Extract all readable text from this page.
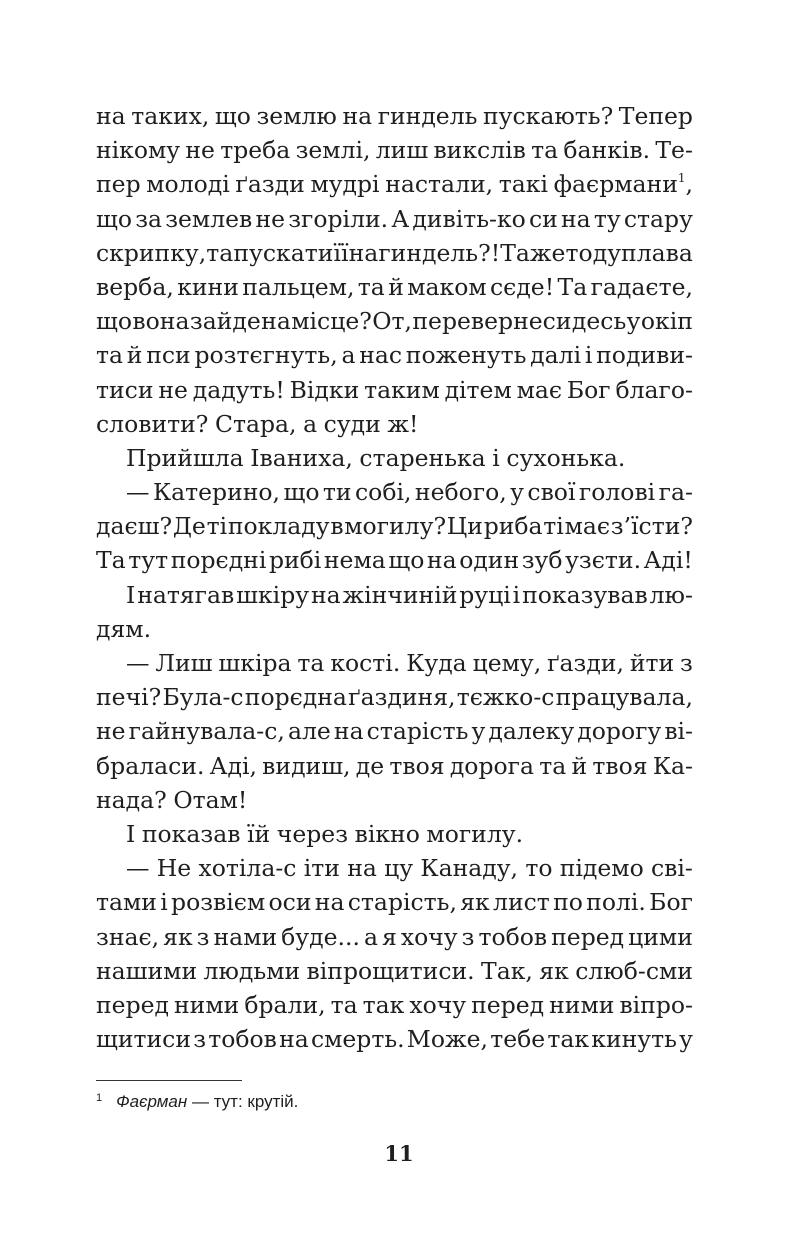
на таких, що землю на гиндель пускають? Тепер
нікому не треба землі, лиш викслів та банків. Те-
пер молоді ґазди мудрі настали, такі фаєрмани$^1$,
що за землев не згоріли. А дивіть-ко си на ту стару
скрипку, та пускати її на гиндель?! Таже то дуплава
верба, кини пальцем, та й маком сєде! Та гадаєте,
що вона зайде на місце? От, перевернеси десь у окіп
та й пси розтєгнуть, а нас поженуть далі і подиви-
тиси не дадуть! Відки таким дітем має Бог благо-
словити? Стара, а суди ж!
Прийшла Іваниха, старенька і сухонька.
— Катерино, що ти собі, небого, у свої голові га-
даєш? Де ті покладу в могилу? Ци риба ті має з’їсти?
Та тут порєдні рибі нема що на один зуб узєти. Аді!
І натягав шкіру на жінчиній руці і показував лю-
дям.
— Лиш шкіра та кості. Куда цему, ґазди, йти з
печі? Була-с порєдна ґаздиня, тєжко-с працувала,
не гайнувала-с, але на старість у далеку дорогу ві-
бралаcи. Аді, видиш, де твоя дорога та й твоя Ка-
нада? Отам!
І показав їй через вікно могилу.
— Не хотіла-с іти на цу Канаду, то підемо сві-
тами і розвієм оси на старість, як лист по полі. Бог
знає, як з нами буде... а я хочу з тобов перед цими
нашими людьми віпрощитиси. Так, як слюб-сми
перед ними брали, та так хочу перед ними віпро-
щитиси з тобов на смерть. Може, тебе так кинуть у
$^1$ Фаєрман — тут: крутій.
11
